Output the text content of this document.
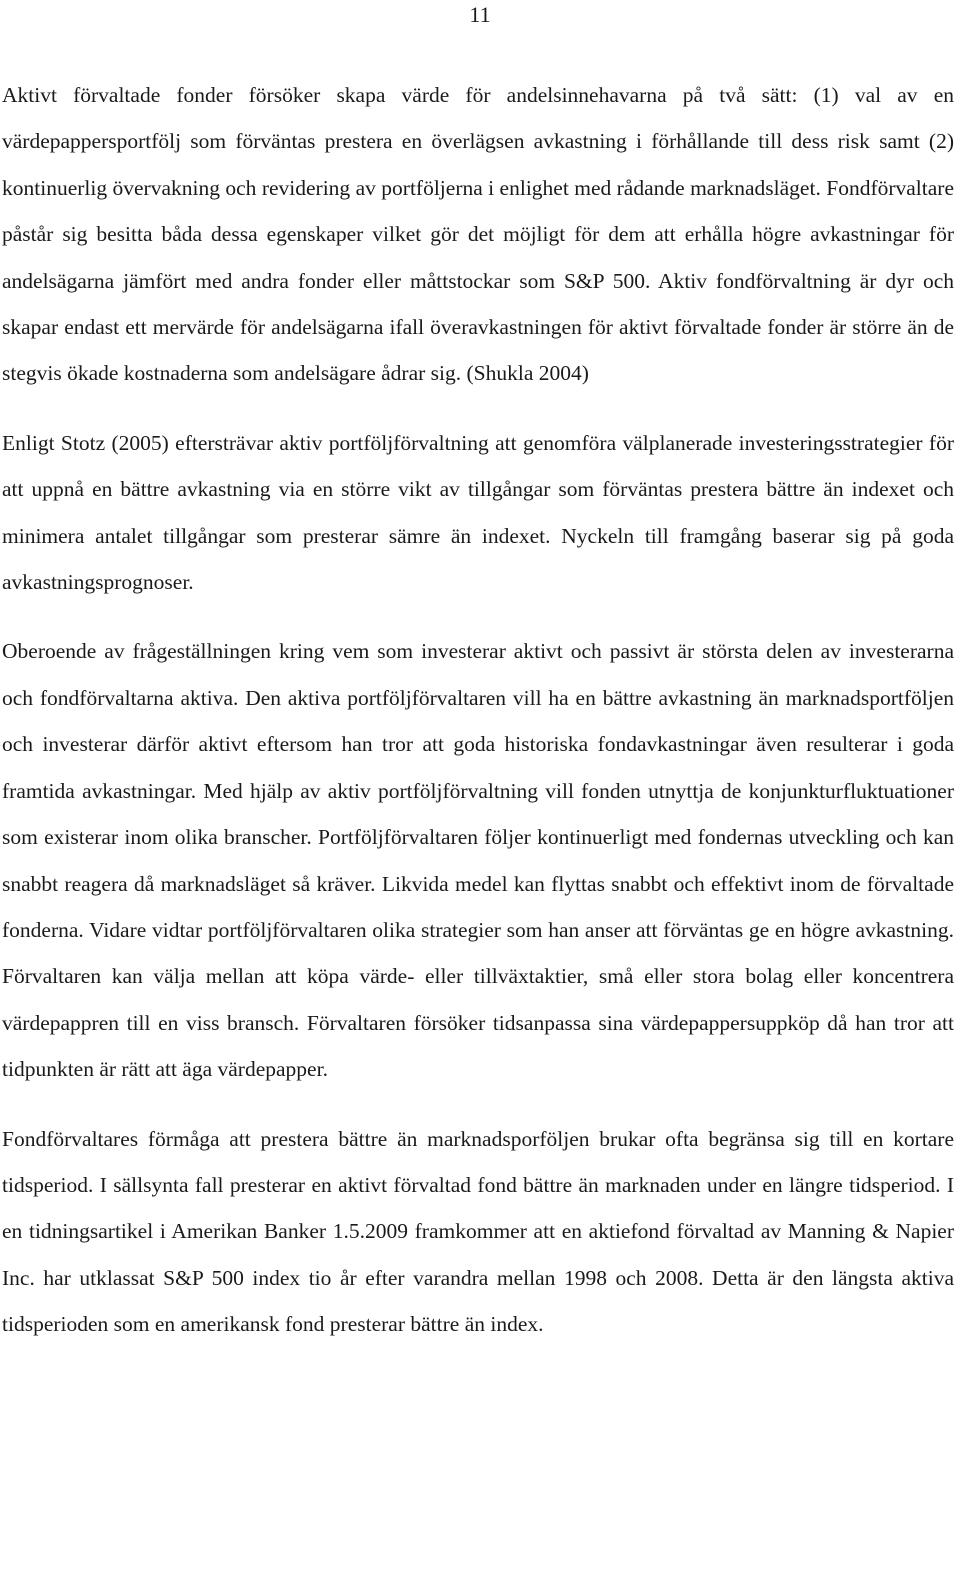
11

Aktivt förvaltade fonder försöker skapa värde för andelsinnehavarna på två sätt: (1) val av en värdepappersportfölj som förväntas prestera en överlägsen avkastning i förhållande till dess risk samt (2) kontinuerlig övervakning och revidering av portföljerna i enlighet med rådande marknadsläget. Fondförvaltare påstår sig besitta båda dessa egenskaper vilket gör det möjligt för dem att erhålla högre avkastningar för andelsägarna jämfört med andra fonder eller måttstockar som S&P 500. Aktiv fondförvaltning är dyr och skapar endast ett mervärde för andelsägarna ifall överavkastningen för aktivt förvaltade fonder är större än de stegvis ökade kostnaderna som andelsägare ådrar sig. (Shukla 2004)

Enligt Stotz (2005) eftersträvar aktiv portföljförvaltning att genomföra välplanerade investeringsstrategier för att uppnå en bättre avkastning via en större vikt av tillgångar som förväntas prestera bättre än indexet och minimera antalet tillgångar som presterar sämre än indexet. Nyckeln till framgång baserar sig på goda avkastningsprognoser.

Oberoende av frågeställningen kring vem som investerar aktivt och passivt är största delen av investerarna och fondförvaltarna aktiva. Den aktiva portföljförvaltaren vill ha en bättre avkastning än marknadsportföljen och investerar därför aktivt eftersom han tror att goda historiska fondavkastningar även resulterar i goda framtida avkastningar. Med hjälp av aktiv portföljförvaltning vill fonden utnyttja de konjunkturfluktuationer som existerar inom olika branscher. Portföljförvaltaren följer kontinuerligt med fondernas utveckling och kan snabbt reagera då marknadsläget så kräver. Likvida medel kan flyttas snabbt och effektivt inom de förvaltade fonderna. Vidare vidtar portföljförvaltaren olika strategier som han anser att förväntas ge en högre avkastning. Förvaltaren kan välja mellan att köpa värde- eller tillväxtaktier, små eller stora bolag eller koncentrera värdepappren till en viss bransch. Förvaltaren försöker tidsanpassa sina värdepappersuppköp då han tror att tidpunkten är rätt att äga värdepapper.

Fondförvaltares förmåga att prestera bättre än marknadsporföljen brukar ofta begränsa sig till en kortare tidsperiod. I sällsynta fall presterar en aktivt förvaltad fond bättre än marknaden under en längre tidsperiod. I en tidningsartikel i Amerikan Banker 1.5.2009 framkommer att en aktiefond förvaltad av Manning & Napier Inc. har utklassat S&P 500 index tio år efter varandra mellan 1998 och 2008. Detta är den längsta aktiva tidsperioden som en amerikansk fond presterar bättre än index.
